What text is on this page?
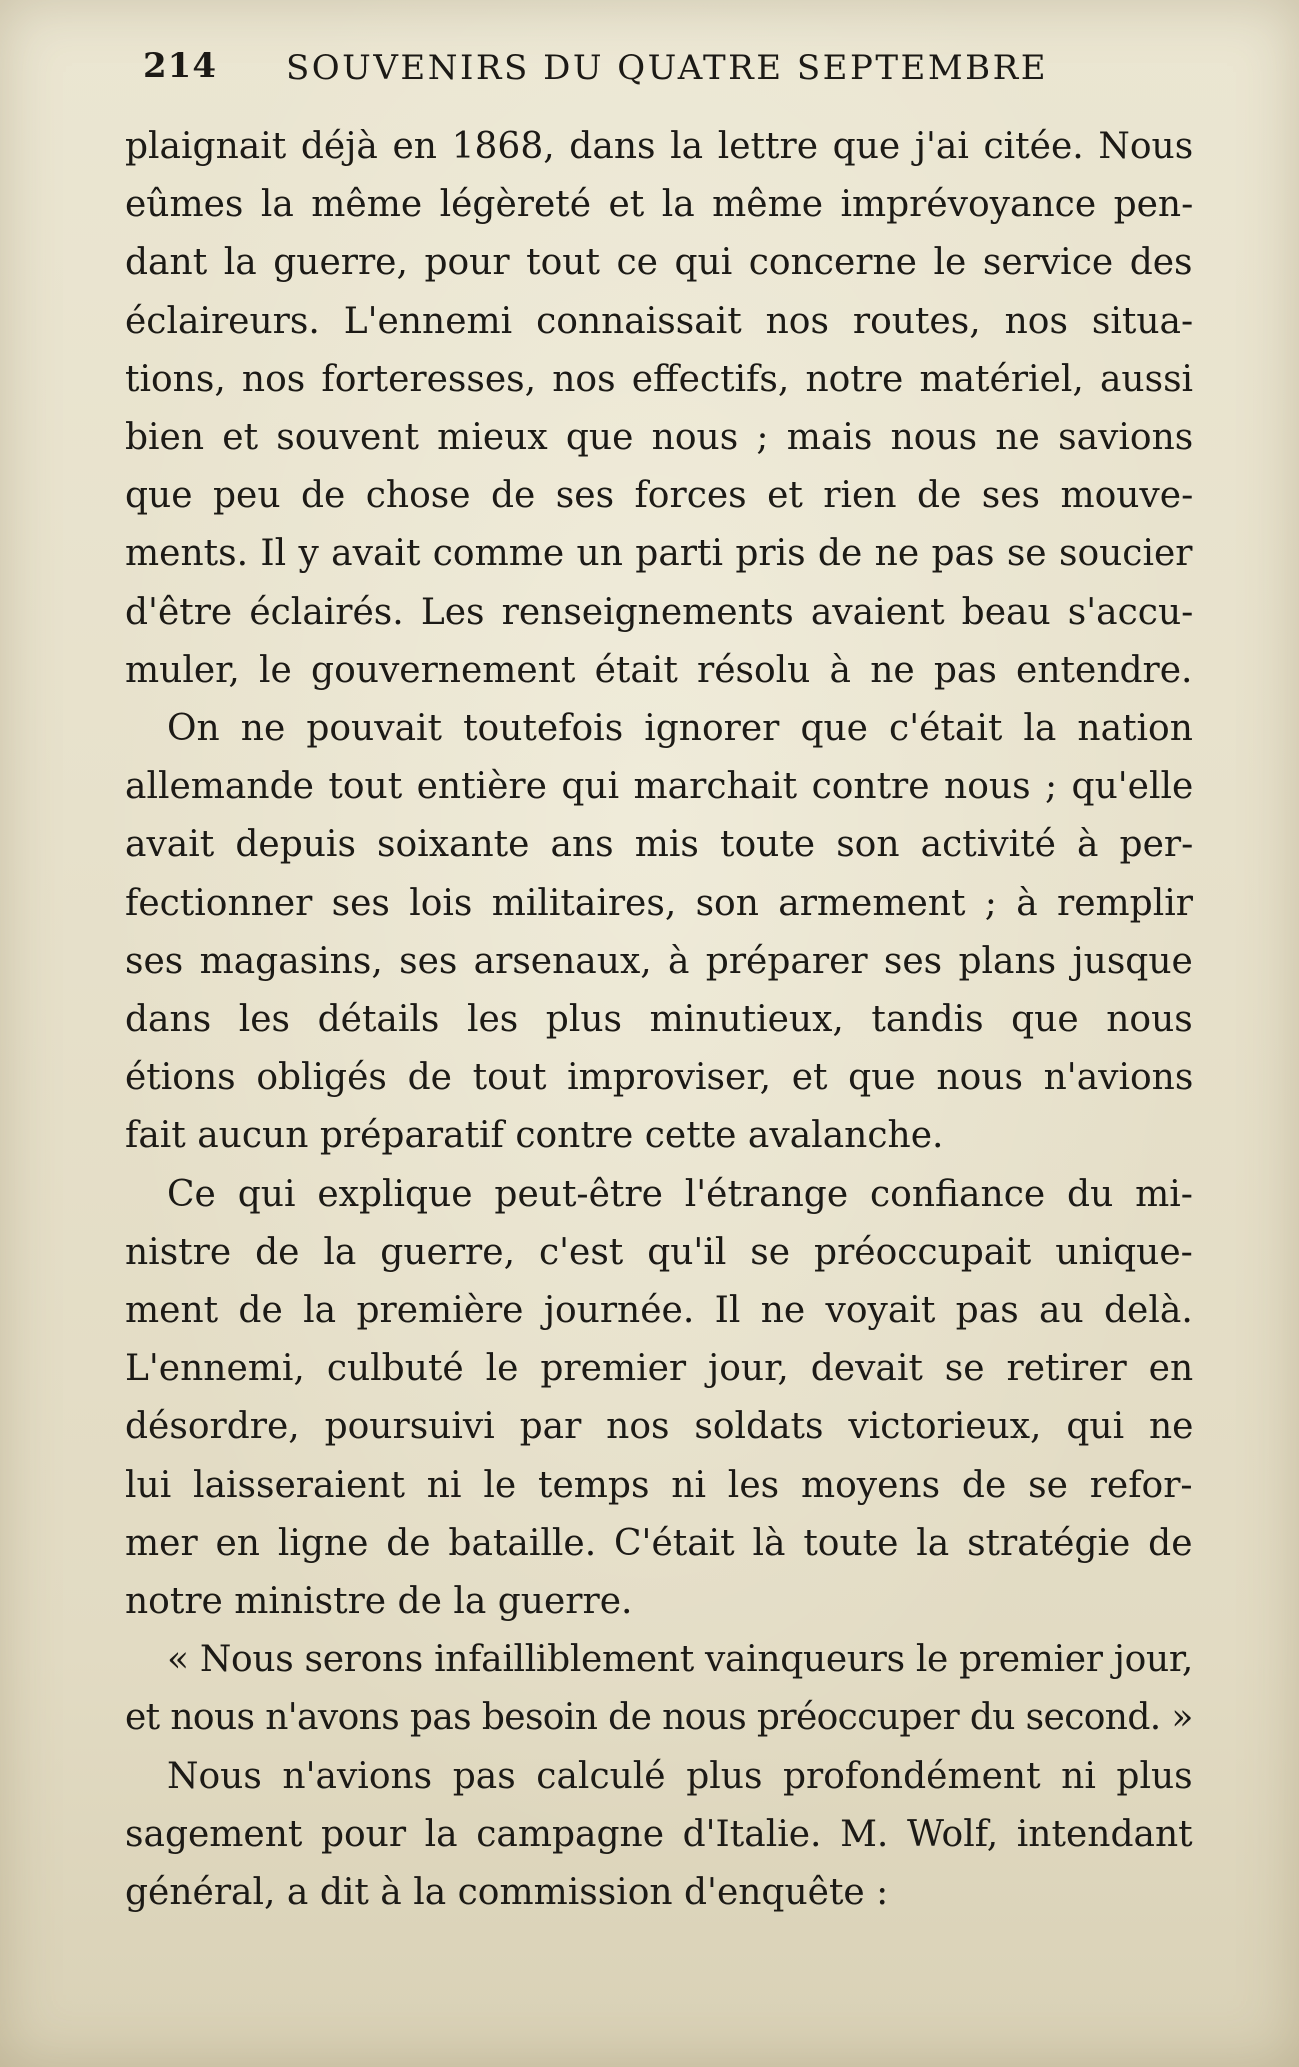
214 SOUVENIRS DU QUATRE SEPTEMBRE
plaignait déjà en 1868, dans la lettre que j'ai citée. Nous
eûmes la même légèreté et la même imprévoyance pen-
dant la guerre, pour tout ce qui concerne le service des
éclaireurs. L'ennemi connaissait nos routes, nos situa-
tions, nos forteresses, nos effectifs, notre matériel, aussi
bien et souvent mieux que nous ; mais nous ne savions
que peu de chose de ses forces et rien de ses mouve-
ments. Il y avait comme un parti pris de ne pas se soucier
d'être éclairés. Les renseignements avaient beau s'accu-
muler, le gouvernement était résolu à ne pas entendre.
On ne pouvait toutefois ignorer que c'était la nation
allemande tout entière qui marchait contre nous ; qu'elle
avait depuis soixante ans mis toute son activité à per-
fectionner ses lois militaires, son armement ; à remplir
ses magasins, ses arsenaux, à préparer ses plans jusque
dans les détails les plus minutieux, tandis que nous
étions obligés de tout improviser, et que nous n'avions
fait aucun préparatif contre cette avalanche.
Ce qui explique peut-être l'étrange confiance du mi-
nistre de la guerre, c'est qu'il se préoccupait unique-
ment de la première journée. Il ne voyait pas au delà.
L'ennemi, culbuté le premier jour, devait se retirer en
désordre, poursuivi par nos soldats victorieux, qui ne
lui laisseraient ni le temps ni les moyens de se refor-
mer en ligne de bataille. C'était là toute la stratégie de
notre ministre de la guerre.
« Nous serons infailliblement vainqueurs le premier jour,
et nous n'avons pas besoin de nous préoccuper du second. »
Nous n'avions pas calculé plus profondément ni plus
sagement pour la campagne d'Italie. M. Wolf, intendant
général, a dit à la commission d'enquête :
